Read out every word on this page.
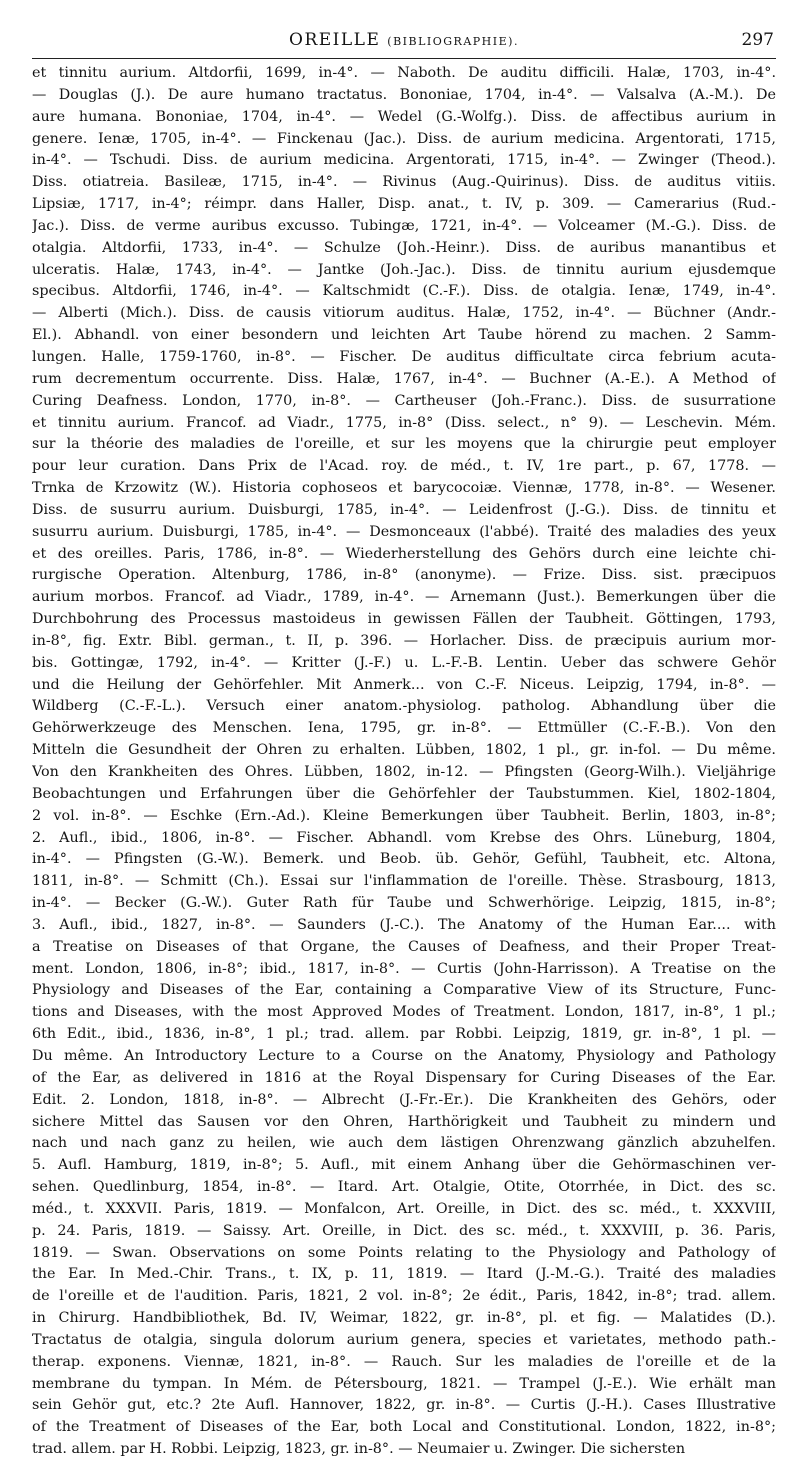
OREILLE (BIBLIOGRAPHIE).	297
et tinnitu aurium. Altdorfii, 1699, in-4°. — Naboth. De auditu difficili. Halæ, 1703, in-4°.
— Douglas (J.). De aure humano tractatus. Bononiae, 1704, in-4°. — Valsalva (A.-M.). De
aure humana. Bononiae, 1704, in-4°. — Wedel (G.-Wolfg.). Diss. de affectibus aurium in
genere. Ienæ, 1705, in-4°. — Finckenau (Jac.). Diss. de aurium medicina. Argentorati, 1715,
in-4°. — Tschudi. Diss. de aurium medicina. Argentorati, 1715, in-4°. — Zwinger (Theod.).
Diss. otiatreia. Basileæ, 1715, in-4°. — Rivinus (Aug.-Quirinus). Diss. de auditus vitiis.
Lipsiæ, 1717, in-4°; réimpr. dans Haller, Disp. anat., t. IV, p. 309. — Camerarius (Rud.-
Jac.). Diss. de verme auribus excusso. Tubingæ, 1721, in-4°. — Volceamer (M.-G.). Diss. de
otalgia. Altdorfii, 1733, in-4°. — Schulze (Joh.-Heinr.). Diss. de auribus manantibus et
ulceratis. Halæ, 1743, in-4°. — Jantke (Joh.-Jac.). Diss. de tinnitu aurium ejusdemque
specibus. Altdorfii, 1746, in-4°. — Kaltschmidt (C.-F.). Diss. de otalgia. Ienæ, 1749, in-4°.
— Alberti (Mich.). Diss. de causis vitiorum auditus. Halæ, 1752, in-4°. — Büchner (Andr.-
El.). Abhandl. von einer besondern und leichten Art Taube hörend zu machen. 2 Samm-
lungen. Halle, 1759-1760, in-8°. — Fischer. De auditus difficultate circa febrium acuta-
rum decrementum occurrente. Diss. Halæ, 1767, in-4°. — Buchner (A.-E.). A Method of
Curing Deafness. London, 1770, in-8°. — Cartheuser (Joh.-Franc.). Diss. de susurratione
et tinnitu aurium. Francof. ad Viadr., 1775, in-8° (Diss. select., n° 9). — Leschevin. Mém.
sur la théorie des maladies de l'oreille, et sur les moyens que la chirurgie peut employer
pour leur curation. Dans Prix de l'Acad. roy. de méd., t. IV, 1re part., p. 67, 1778. —
Trnka de Krzowitz (W.). Historia cophoseos et barycocoiæ. Viennæ, 1778, in-8°. — Wesener.
Diss. de susurru aurium. Duisburgi, 1785, in-4°. — Leidenfrost (J.-G.). Diss. de tinnitu et
susurru aurium. Duisburgi, 1785, in-4°. — Desmonceaux (l'abbé). Traité des maladies des yeux
et des oreilles. Paris, 1786, in-8°. — Wiederherstellung des Gehörs durch eine leichte chi-
rurgische Operation. Altenburg, 1786, in-8° (anonyme). — Frize. Diss. sist. præcipuos
aurium morbos. Francof. ad Viadr., 1789, in-4°. — Arnemann (Just.). Bemerkungen über die
Durchbohrung des Processus mastoideus in gewissen Fällen der Taubheit. Göttingen, 1793,
in-8°, fig. Extr. Bibl. german., t. II, p. 396. — Horlacher. Diss. de præcipuis aurium mor-
bis. Gottingæ, 1792, in-4°. — Kritter (J.-F.) u. L.-F.-B. Lentin. Ueber das schwere Gehör
und die Heilung der Gehörfehler. Mit Anmerk... von C.-F. Niceus. Leipzig, 1794, in-8°. —
Wildberg (C.-F.-L.). Versuch einer anatom.-physiolog. patholog. Abhandlung über die
Gehörwerkzeuge des Menschen. Iena, 1795, gr. in-8°. — Ettmüller (C.-F.-B.). Von den
Mitteln die Gesundheit der Ohren zu erhalten. Lübben, 1802, 1 pl., gr. in-fol. — Du même.
Von den Krankheiten des Ohres. Lübben, 1802, in-12. — Pfingsten (Georg-Wilh.). Vieljährige
Beobachtungen und Erfahrungen über die Gehörfehler der Taubstummen. Kiel, 1802-1804,
2 vol. in-8°. — Eschke (Ern.-Ad.). Kleine Bemerkungen über Taubheit. Berlin, 1803, in-8°;
2. Aufl., ibid., 1806, in-8°. — Fischer. Abhandl. vom Krebse des Ohrs. Lüneburg, 1804,
in-4°. — Pfingsten (G.-W.). Bemerk. und Beob. üb. Gehör, Gefühl, Taubheit, etc. Altona,
1811, in-8°. — Schmitt (Ch.). Essai sur l'inflammation de l'oreille. Thèse. Strasbourg, 1813,
in-4°. — Becker (G.-W.). Guter Rath für Taube und Schwerhörige. Leipzig, 1815, in-8°;
3. Aufl., ibid., 1827, in-8°. — Saunders (J.-C.). The Anatomy of the Human Ear.... with
a Treatise on Diseases of that Organe, the Causes of Deafness, and their Proper Treat-
ment. London, 1806, in-8°; ibid., 1817, in-8°. — Curtis (John-Harrisson). A Treatise on the
Physiology and Diseases of the Ear, containing a Comparative View of its Structure, Func-
tions and Diseases, with the most Approved Modes of Treatment. London, 1817, in-8°, 1 pl.;
6th Edit., ibid., 1836, in-8°, 1 pl.; trad. allem. par Robbi. Leipzig, 1819, gr. in-8°, 1 pl. —
Du même. An Introductory Lecture to a Course on the Anatomy, Physiology and Pathology
of the Ear, as delivered in 1816 at the Royal Dispensary for Curing Diseases of the Ear.
Edit. 2. London, 1818, in-8°. — Albrecht (J.-Fr.-Er.). Die Krankheiten des Gehörs, oder
sichere Mittel das Sausen vor den Ohren, Harthörigkeit und Taubheit zu mindern und
nach und nach ganz zu heilen, wie auch dem lästigen Ohrenzwang gänzlich abzuhelfen.
5. Aufl. Hamburg, 1819, in-8°; 5. Aufl., mit einem Anhang über die Gehörmaschinen ver-
sehen. Quedlinburg, 1854, in-8°. — Itard. Art. Otalgie, Otite, Otorrhée, in Dict. des sc.
méd., t. XXXVII. Paris, 1819. — Monfalcon, Art. Oreille, in Dict. des sc. méd., t. XXXVIII,
p. 24. Paris, 1819. — Saissy. Art. Oreille, in Dict. des sc. méd., t. XXXVIII, p. 36. Paris,
1819. — Swan. Observations on some Points relating to the Physiology and Pathology of
the Ear. In Med.-Chir. Trans., t. IX, p. 11, 1819. — Itard (J.-M.-G.). Traité des maladies
de l'oreille et de l'audition. Paris, 1821, 2 vol. in-8°; 2e édit., Paris, 1842, in-8°; trad. allem.
in Chirurg. Handbibliothek, Bd. IV, Weimar, 1822, gr. in-8°, pl. et fig. — Malatides (D.).
Tractatus de otalgia, singula dolorum aurium genera, species et varietates, methodo path.-
therap. exponens. Viennæ, 1821, in-8°. — Rauch. Sur les maladies de l'oreille et de la
membrane du tympan. In Mém. de Pétersbourg, 1821. — Trampel (J.-E.). Wie erhält man
sein Gehör gut, etc.? 2te Aufl. Hannover, 1822, gr. in-8°. — Curtis (J.-H.). Cases Illustrative
of the Treatment of Diseases of the Ear, both Local and Constitutional. London, 1822, in-8°;
trad. allem. par H. Robbi. Leipzig, 1823, gr. in-8°. — Neumaier u. Zwinger. Die sichersten
